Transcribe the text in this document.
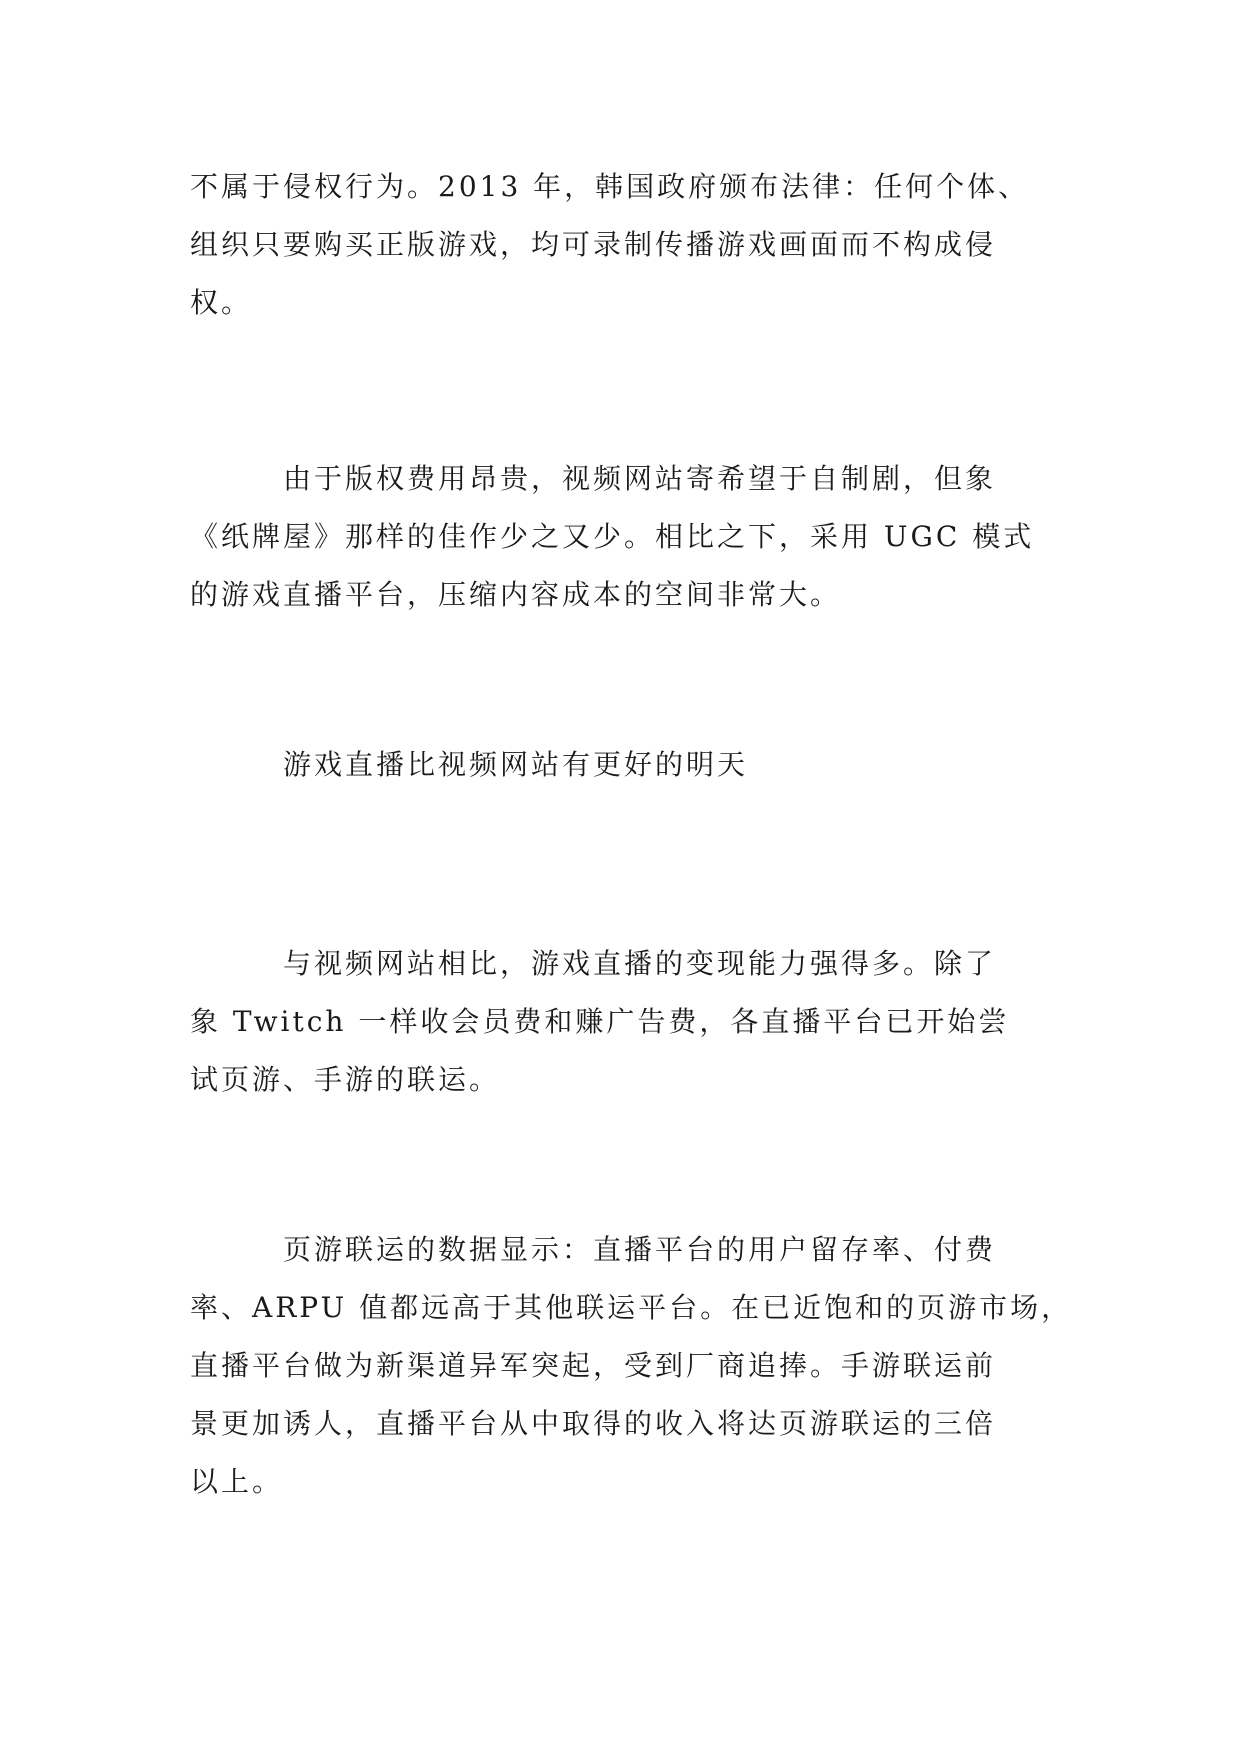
不属于侵权行为。2013 年，韩国政府颁布法律：任何个体、
组织只要购买正版游戏，均可录制传播游戏画面而不构成侵
权。

　　　由于版权费用昂贵，视频网站寄希望于自制剧，但象
《纸牌屋》那样的佳作少之又少。相比之下，采用 UGC 模式
的游戏直播平台，压缩内容成本的空间非常大。

　　　游戏直播比视频网站有更好的明天

　　　与视频网站相比，游戏直播的变现能力强得多。除了
象 Twitch 一样收会员费和赚广告费，各直播平台已开始尝
试页游、手游的联运。

　　　页游联运的数据显示：直播平台的用户留存率、付费
率、ARPU 值都远高于其他联运平台。在已近饱和的页游市场，
直播平台做为新渠道异军突起，受到厂商追捧。手游联运前
景更加诱人，直播平台从中取得的收入将达页游联运的三倍
以上。
